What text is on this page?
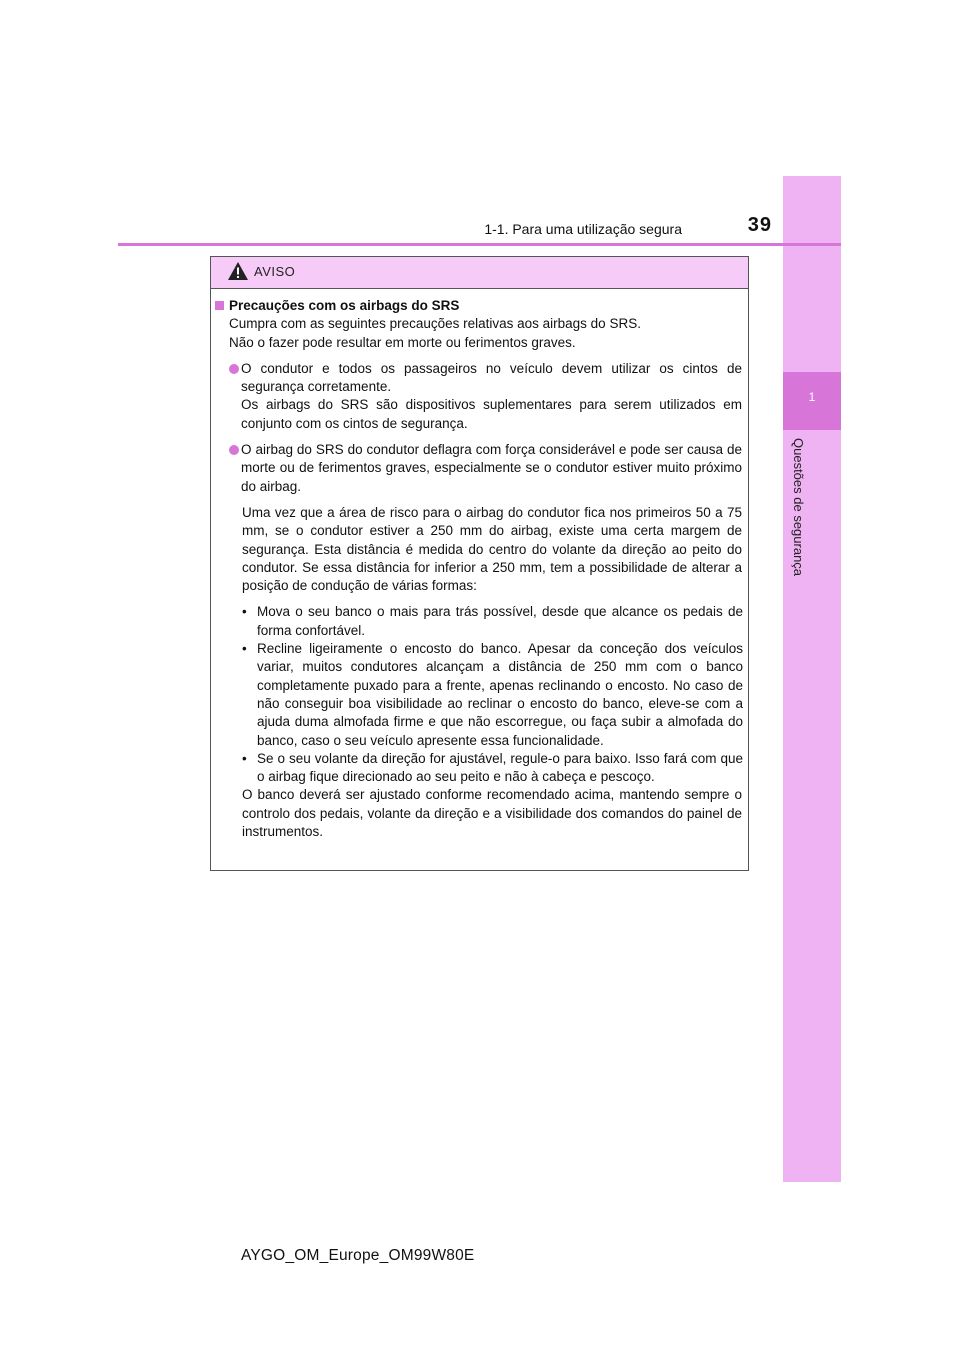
1
Questões de segurança
1-1. Para uma utilização segura	39
AVISO

Precauções com os airbags do SRS

Cumpra com as seguintes precauções relativas aos airbags do SRS.

Não o fazer pode resultar em morte ou ferimentos graves.

O condutor e todos os passageiros no veículo devem utilizar os cintos de segurança corretamente.

Os airbags do SRS são dispositivos suplementares para serem utilizados em conjunto com os cintos de segurança.

O airbag do SRS do condutor deflagra com força considerável e pode ser causa de morte ou de ferimentos graves, especialmente se o condutor estiver muito próximo do airbag.

Uma vez que a área de risco para o airbag do condutor fica nos primeiros 50 a 75 mm, se o condutor estiver a 250 mm do airbag, existe uma certa margem de segurança. Esta distância é medida do centro do volante da direção ao peito do condutor. Se essa distância for inferior a 250 mm, tem a possibilidade de alterar a posição de condução de várias formas:

• Mova o seu banco o mais para trás possível, desde que alcance os pedais de forma confortável.

• Recline ligeiramente o encosto do banco. Apesar da conceção dos veículos variar, muitos condutores alcançam a distância de 250 mm com o banco completamente puxado para a frente, apenas reclinando o encosto. No caso de não conseguir boa visibilidade ao reclinar o encosto do banco, eleve-se com a ajuda duma almofada firme e que não escorregue, ou faça subir a almofada do banco, caso o seu veículo apresente essa funcionalidade.

• Se o seu volante da direção for ajustável, regule-o para baixo. Isso fará com que o airbag fique direcionado ao seu peito e não à cabeça e pescoço.

O banco deverá ser ajustado conforme recomendado acima, mantendo sempre o controlo dos pedais, volante da direção e a visibilidade dos comandos do painel de instrumentos.

AYGO_OM_Europe_OM99W80E
